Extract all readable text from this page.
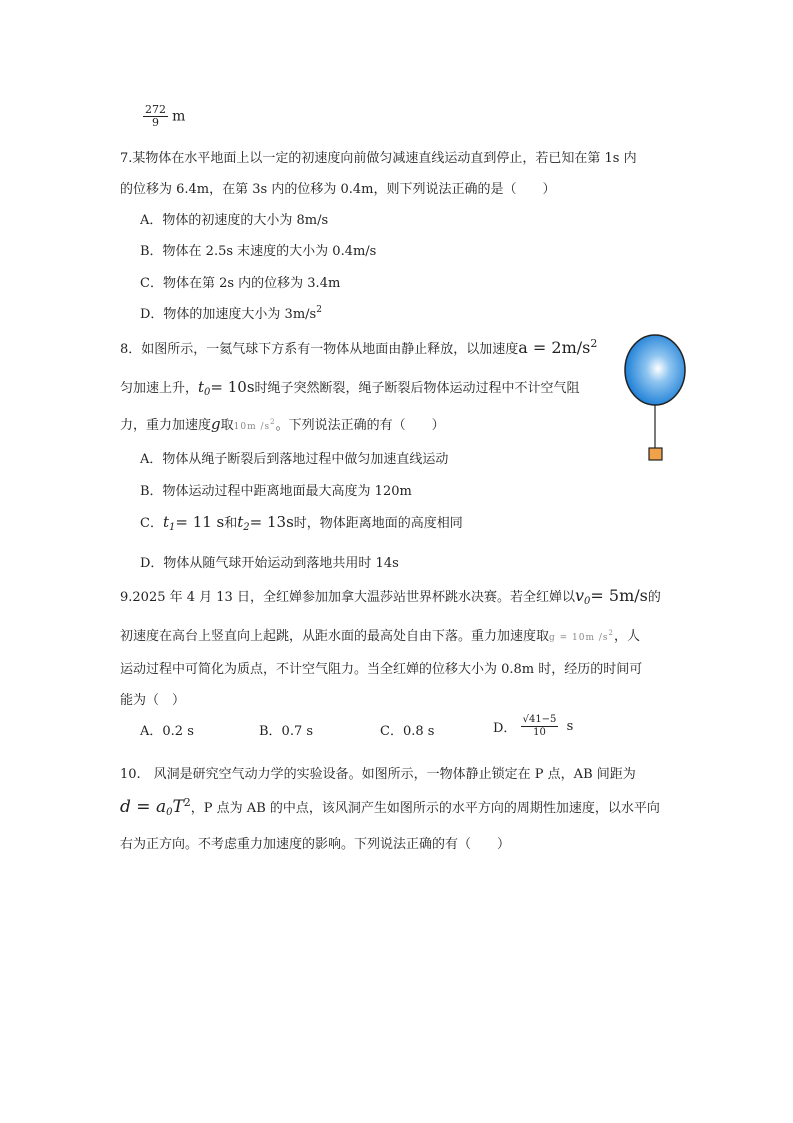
$\frac{272}{9}$ m
7.某物体在水平地面上以一定的初速度向前做匀减速直线运动直到停止，若已知在第 1s 内
的位移为 6.4m，在第 3s 内的位移为 0.4m，则下列说法正确的是（　　）
A．物体的初速度的大小为 8m/s
B．物体在 2.5s 末速度的大小为 0.4m/s
C．物体在第 2s 内的位移为 3.4m
D．物体的加速度大小为 $3m/s^2$
8．如图所示，一氦气球下方系有一物体从地面由静止释放，以加速度$a = 2m/s^2$
匀加速上升，$t_0= 10s$时绳子突然断裂，绳子断裂后物体运动过程中不计空气阻
力，重力加速度g取10m $/s^2$。下列说法正确的有（　　）
A．物体从绳子断裂后到落地过程中做匀加速直线运动
B．物体运动过程中距离地面最大高度为 120m
C．$t_1= 11$ s和$t_2= 13s$时，物体距离地面的高度相同
D．物体从随气球开始运动到落地共用时 14s
9.2025 年 4 月 13 日，全红婵参加加拿大温莎站世界杯跳水决赛。若全红婵以$v_0= 5m/s$的
初速度在高台上竖直向上起跳，从距水面的最高处自由下落。重力加速度取g = 10m $/s^2$，人
运动过程中可简化为质点，不计空气阻力。当全红婵的位移大小为 0.8m 时，经历的时间可
能为（　）
A．0.2 s	B．0.7 s	C．0.8 s	D． $\frac{√41-5}{10}$ s
10.　风洞是研究空气动力学的实验设备。如图所示，一物体静止锁定在 P 点，AB 间距为
$d = a_0T^2$，P 点为 AB 的中点，该风洞产生如图所示的水平方向的周期性加速度，以水平向
右为正方向。不考虑重力加速度的影响。下列说法正确的有（　　）
